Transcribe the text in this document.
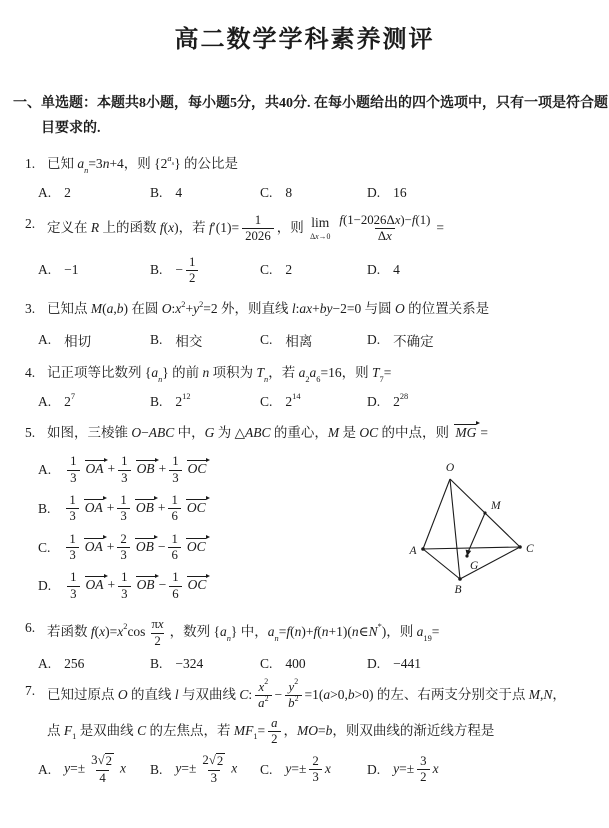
高二数学学科素养测评
一、单选题：本题共8小题，每小题5分，共40分. 在每小题给出的四个选项中，只有一项是符合题目要求的.
1. 已知 $a_n=3n+4$，则 $\{2^{a_n}\}$ 的公比是
A. 2	B. 4	C. 8	D. 16
2. 定义在 R 上的函数 f(x)，若 $f'(1)= \frac{1}{2026}$ ，则 lim
$\Delta x\to 0 \frac{f(1-2026\Delta x)-f(1)}{\Delta x}$ =
A. −1	B. − $\frac{1}{2}$	C. 2	D. 4
3. 已知点 M(a,b) 在圆 $O:x^2+y^2=2$ 外，则直线 l:ax+by−2=0 与圆 O 的位置关系是
A. 相切	B. 相交	C. 相离	D. 不确定
4. 记正项等比数列 $\{a_n\}$ 的前 n 项积为 $T_n$，若 $a_2a_6=16$，则 $T_7=$
A. $2^7$	B. $2^{12}$	C. $2^{14}$	D. $2^{28}$
5. 如图，三棱锥 O−ABC 中，G 为 △ABC 的重心，M 是 OC 的中点，则 MG =
A. $\frac{1}{3}$ OA + $\frac{1}{3}$ OB + $\frac{1}{3}$ OC
B. $\frac{1}{3}$ OA + $\frac{1}{3}$ OB + $\frac{1}{6}$ OC
C. $\frac{1}{3}$ OA + $\frac{2}{3}$ OB − $\frac{1}{6}$ OC
D. $\frac{1}{3}$ OA + $\frac{1}{3}$ OB − $\frac{1}{6}$ OC
O
M
A	C
G
B
6. 若函数 $f(x)=x^2\cos \frac{\pi x}{2}$ ，数列 $\{a_n\}$ 中，$a_n=f(n)+f(n+1)(n\in N^*)$，则 $a_{19}=$
A. 256	B. −324	C. 400	D. −441
7. 已知过原点 O 的直线 l 与双曲线 C: $\frac{x^2}{a^2} - \frac{y^2}{b^2} =1(a>0,b>0)$ 的左、右两支分别交于点 M,N，
点 $F_1$ 是双曲线 C 的左焦点，若 $MF_1= \frac{a}{2}$ ，MO=b，则双曲线的渐近线方程是
A. $y=\pm \frac{3 √ 2}{4}$ x B. $y=\pm \frac{2 √ 2}{3}$ x C. $y=\pm \frac{2}{3}$ x	D. $y=\pm \frac{3}{2}$ x
